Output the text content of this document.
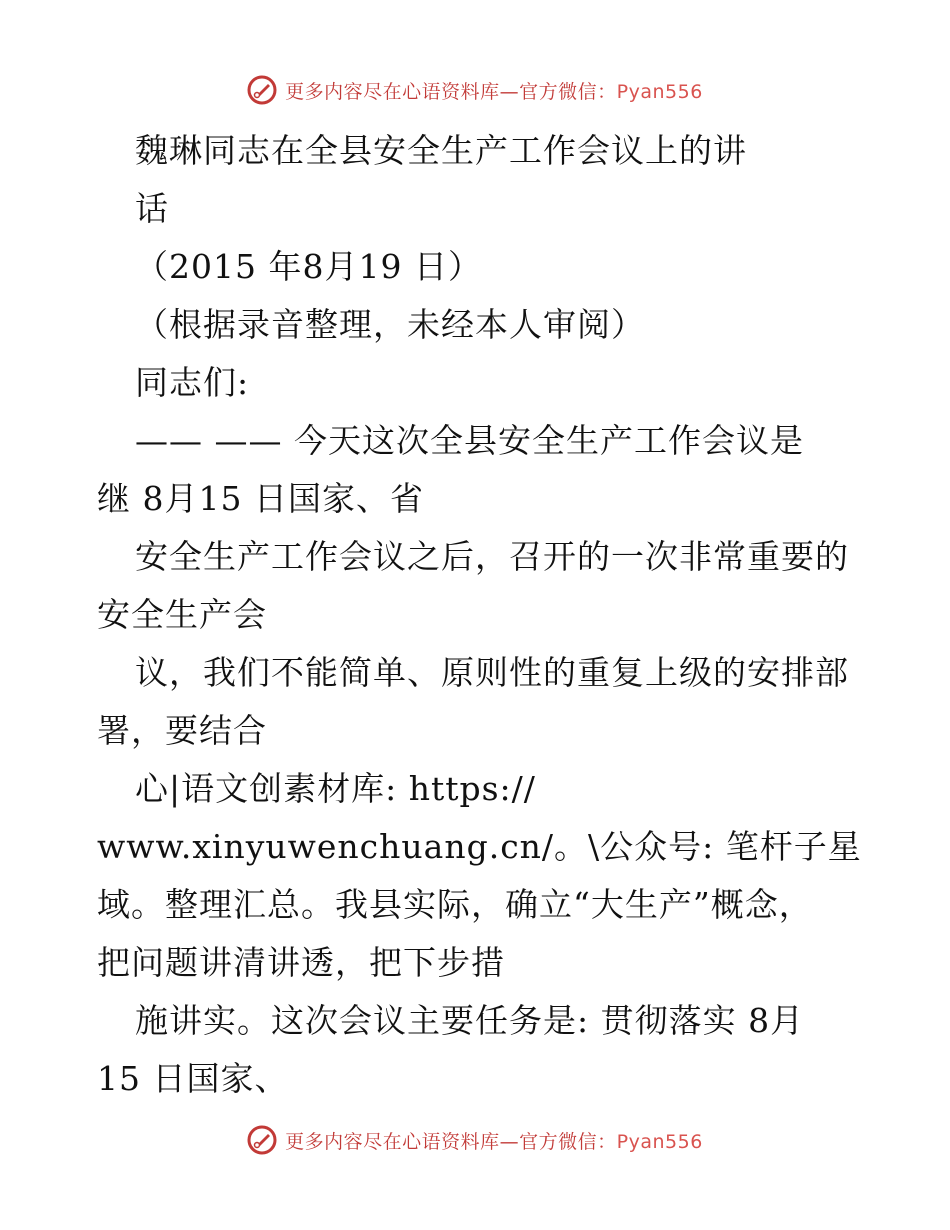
更多内容尽在心语资料库—官方微信：Pyan556
魏琳同志在全县安全生产工作会议上的讲
话
（2015 年8月19 日）
（根据录音整理，未经本人审阅）
同志们:
—— —— 今天这次全县安全生产工作会议是
继 8月15 日国家、省
安全生产工作会议之后，召开的一次非常重要的
安全生产会
议，我们不能简单、原则性的重复上级的安排部
署，要结合
心|语文创素材库: https://
www.xinyuwenchuang.cn/。\公众号: 笔杆子星
域。整理汇总。我县实际，确立“大生产”概念，
把问题讲清讲透，把下步措
施讲实。这次会议主要任务是: 贯彻落实 8月
15 日国家、
更多内容尽在心语资料库—官方微信：Pyan556
